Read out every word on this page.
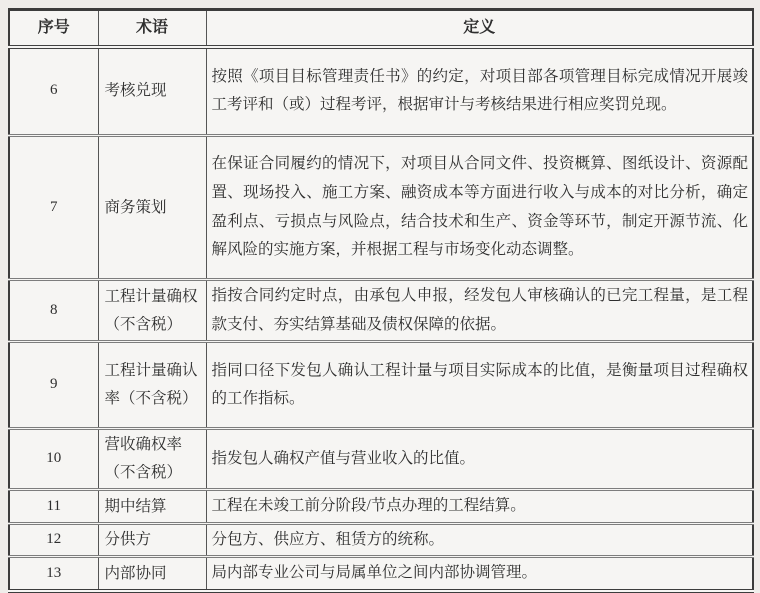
序号	术语	定义
6	考核兑现	按照《项目目标管理责任书》的约定，对项目部各项管理目标完成情况开展竣工考评和（或）过程考评，根据审计与考核结果进行相应奖罚兑现。
7	商务策划	在保证合同履约的情况下，对项目从合同文件、投资概算、图纸设计、资源配置、现场投入、施工方案、融资成本等方面进行收入与成本的对比分析，确定盈利点、亏损点与风险点，结合技术和生产、资金等环节，制定开源节流、化解风险的实施方案，并根据工程与市场变化动态调整。
8	工程计量确权（不含税）	指按合同约定时点，由承包人申报，经发包人审核确认的已完工程量，是工程款支付、夯实结算基础及债权保障的依据。
9	工程计量确认率（不含税）	指同口径下发包人确认工程计量与项目实际成本的比值，是衡量项目过程确权的工作指标。
10	营收确权率（不含税）	指发包人确权产值与营业收入的比值。
11	期中结算	工程在未竣工前分阶段/节点办理的工程结算。
12	分供方	分包方、供应方、租赁方的统称。
13	内部协同	局内部专业公司与局属单位之间内部协调管理。
